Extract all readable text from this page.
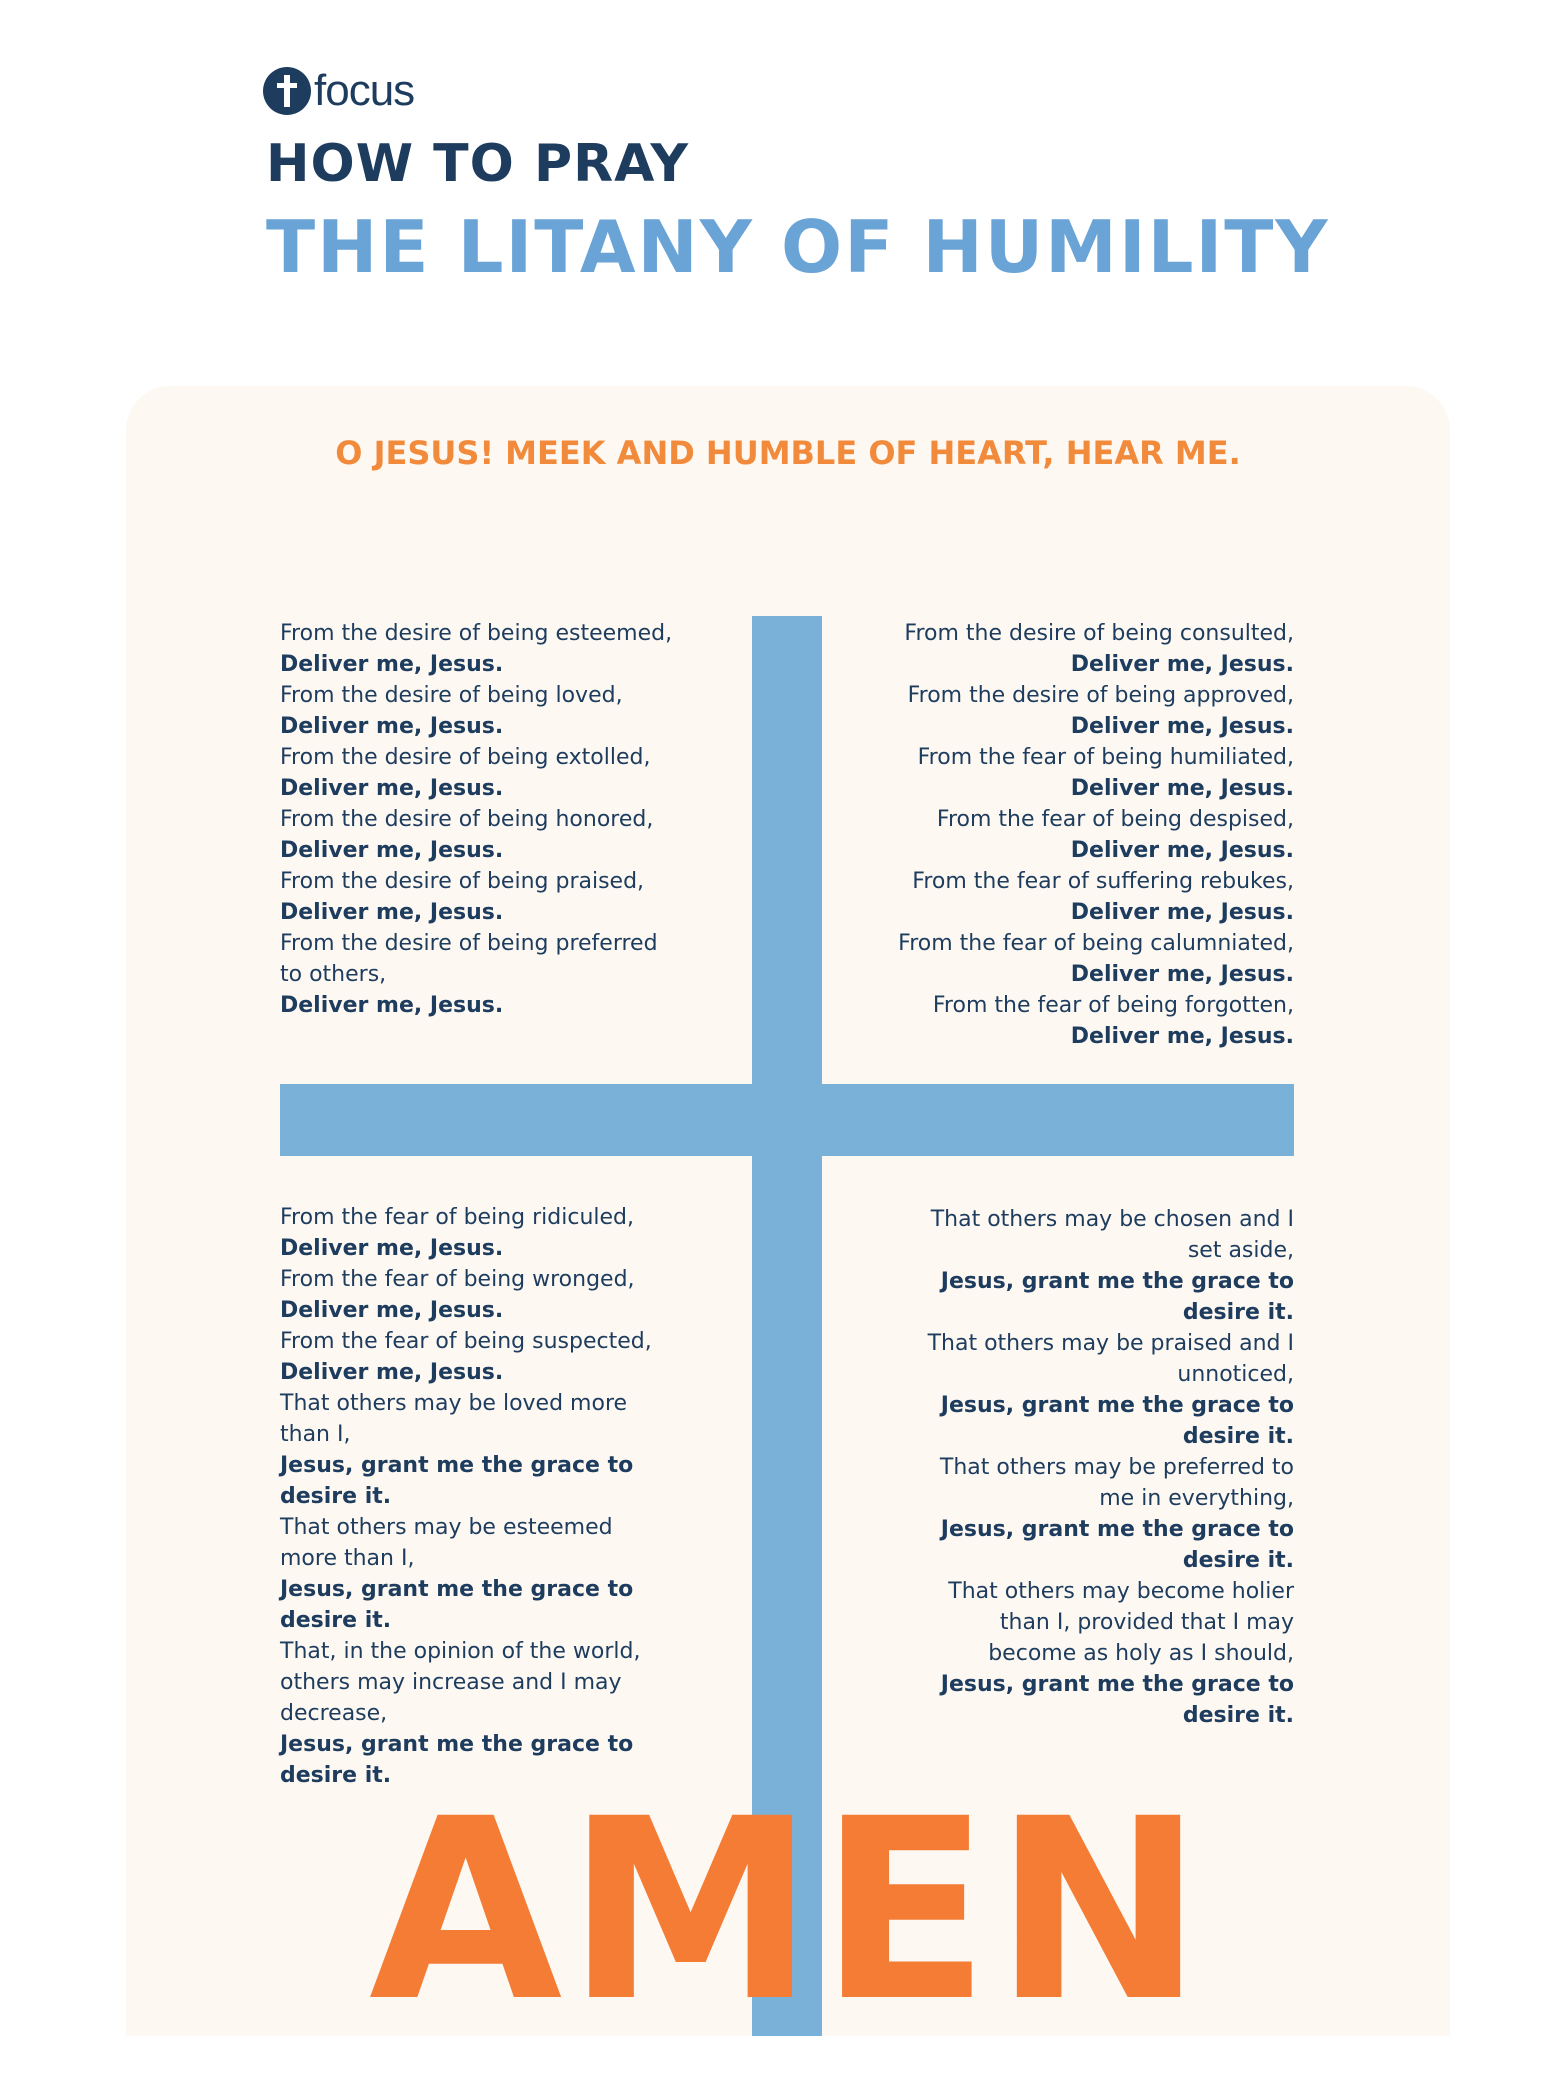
focus
HOW TO PRAY
THE LITANY OF HUMILITY
O JESUS! MEEK AND HUMBLE OF HEART, HEAR ME.
From the desire of being esteemed,
Deliver me, Jesus.
From the desire of being loved,
Deliver me, Jesus.
From the desire of being extolled,
Deliver me, Jesus.
From the desire of being honored,
Deliver me, Jesus.
From the desire of being praised,
Deliver me, Jesus.
From the desire of being preferred
to others,
Deliver me, Jesus.
From the desire of being consulted,
Deliver me, Jesus.
From the desire of being approved,
Deliver me, Jesus.
From the fear of being humiliated,
Deliver me, Jesus.
From the fear of being despised,
Deliver me, Jesus.
From the fear of suffering rebukes,
Deliver me, Jesus.
From the fear of being calumniated,
Deliver me, Jesus.
From the fear of being forgotten,
Deliver me, Jesus.
From the fear of being ridiculed,
Deliver me, Jesus.
From the fear of being wronged,
Deliver me, Jesus.
From the fear of being suspected,
Deliver me, Jesus.
That others may be loved more
than I,
Jesus, grant me the grace to
desire it.
That others may be esteemed
more than I,
Jesus, grant me the grace to
desire it.
That, in the opinion of the world,
others may increase and I may
decrease,
Jesus, grant me the grace to
desire it.
That others may be chosen and I
set aside,
Jesus, grant me the grace to
desire it.
That others may be praised and I
unnoticed,
Jesus, grant me the grace to
desire it.
That others may be preferred to
me in everything,
Jesus, grant me the grace to
desire it.
That others may become holier
than I, provided that I may
become as holy as I should,
Jesus, grant me the grace to
desire it.
AMEN
